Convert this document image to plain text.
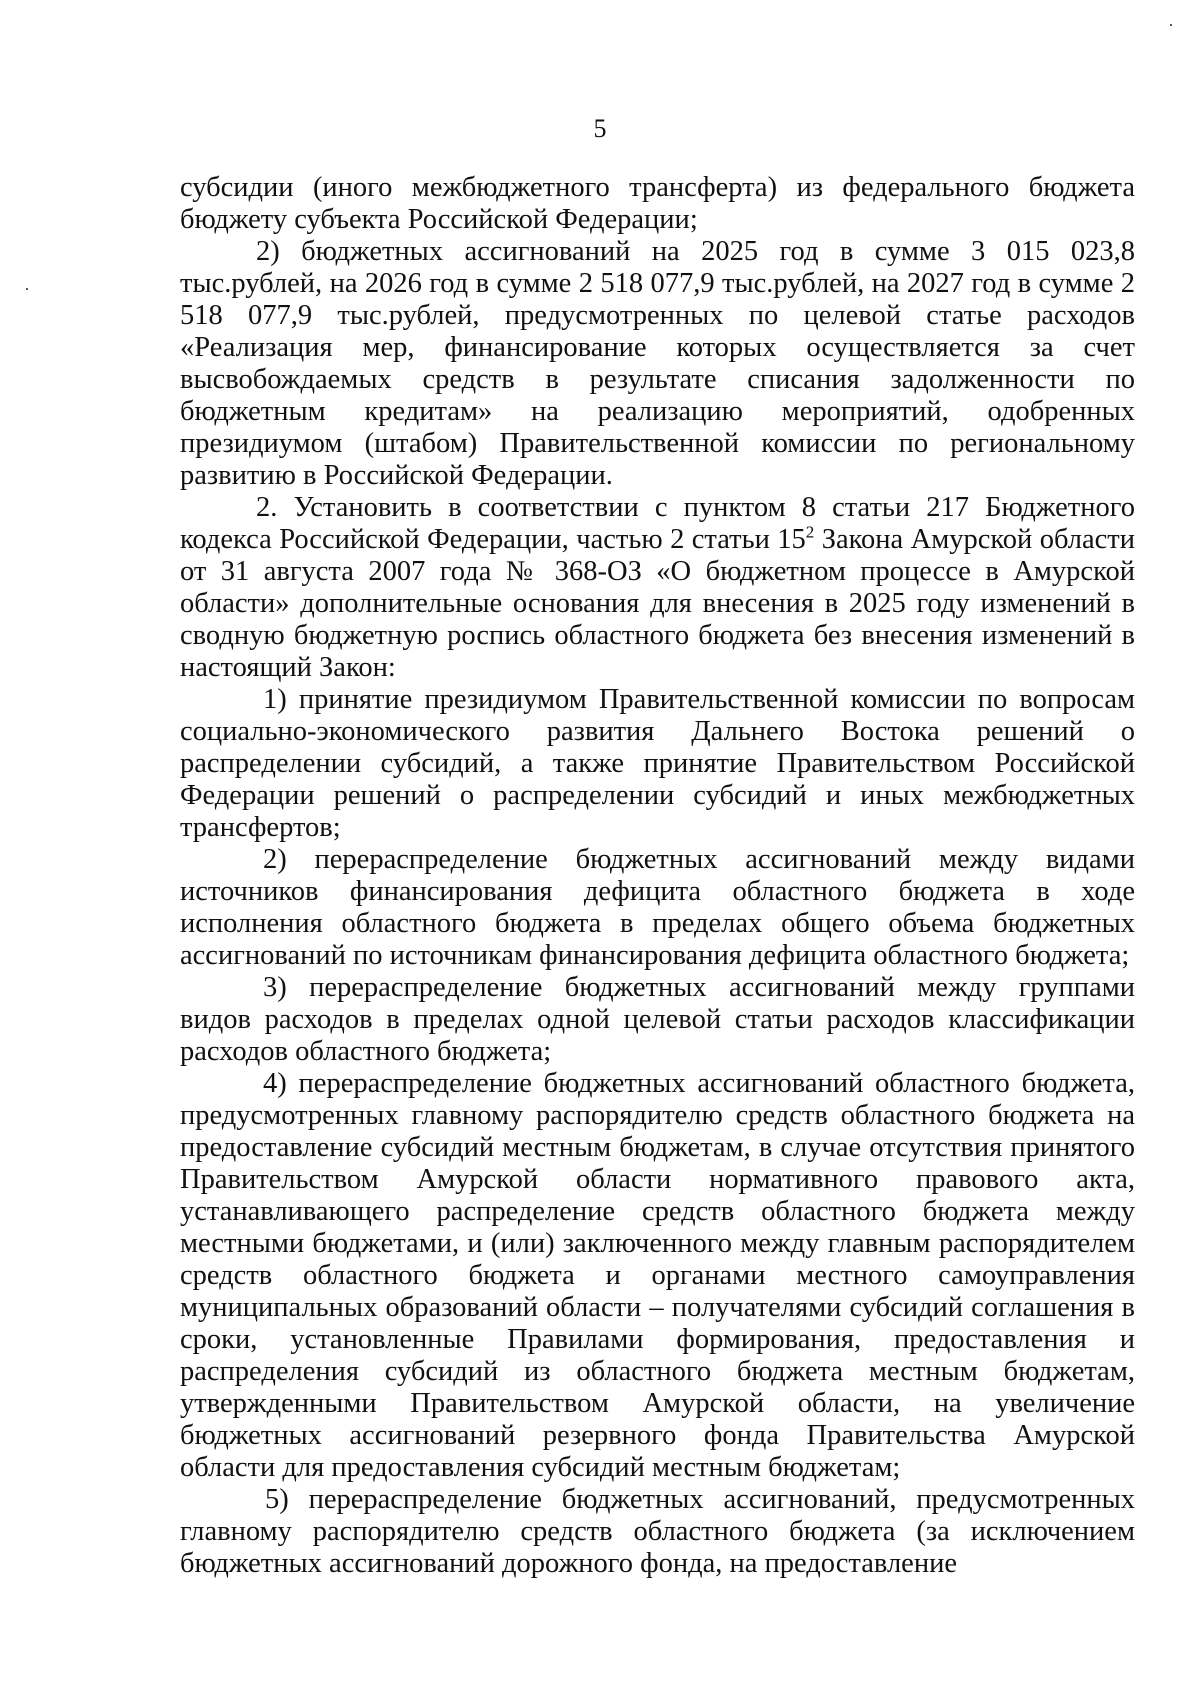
5

субсидии (иного межбюджетного трансферта) из федерального бюджета бюджету субъекта Российской Федерации;

2) бюджетных ассигнований на 2025 год в сумме 3 015 023,8 тыс.рублей, на 2026 год в сумме 2 518 077,9 тыс.рублей, на 2027 год в сумме 2 518 077,9 тыс.рублей, предусмотренных по целевой статье расходов «Реализация мер, финансирование которых осуществляется за счет высвобождаемых средств в результате списания задолженности по бюджетным кредитам» на реализацию мероприятий, одобренных президиумом (штабом) Правительственной комиссии по региональному развитию в Российской Федерации.

2. Установить в соответствии с пунктом 8 статьи 217 Бюджетного кодекса Российской Федерации, частью 2 статьи $15^2$ Закона Амурской области от 31 августа 2007 года № 368-ОЗ «О бюджетном процессе в Амурской области» дополнительные основания для внесения в 2025 году изменений в сводную бюджетную роспись областного бюджета без внесения изменений в настоящий Закон:

1) принятие президиумом Правительственной комиссии по вопросам социально-экономического развития Дальнего Востока решений о распределении субсидий, а также принятие Правительством Российской Федерации решений о распределении субсидий и иных межбюджетных трансфертов;

2) перераспределение бюджетных ассигнований между видами источников финансирования дефицита областного бюджета в ходе исполнения областного бюджета в пределах общего объема бюджетных ассигнований по источникам финансирования дефицита областного бюджета;

3) перераспределение бюджетных ассигнований между группами видов расходов в пределах одной целевой статьи расходов классификации расходов областного бюджета;

4) перераспределение бюджетных ассигнований областного бюджета, предусмотренных главному распорядителю средств областного бюджета на предоставление субсидий местным бюджетам, в случае отсутствия принятого Правительством Амурской области нормативного правового акта, устанавливающего распределение средств областного бюджета между местными бюджетами, и (или) заключенного между главным распорядителем средств областного бюджета и органами местного самоуправления муниципальных образований области – получателями субсидий соглашения в сроки, установленные Правилами формирования, предоставления и распределения субсидий из областного бюджета местным бюджетам, утвержденными Правительством Амурской области, на увеличение бюджетных ассигнований резервного фонда Правительства Амурской области для предоставления субсидий местным бюджетам;

5) перераспределение бюджетных ассигнований, предусмотренных главному распорядителю средств областного бюджета (за исключением бюджетных ассигнований дорожного фонда, на предоставление
